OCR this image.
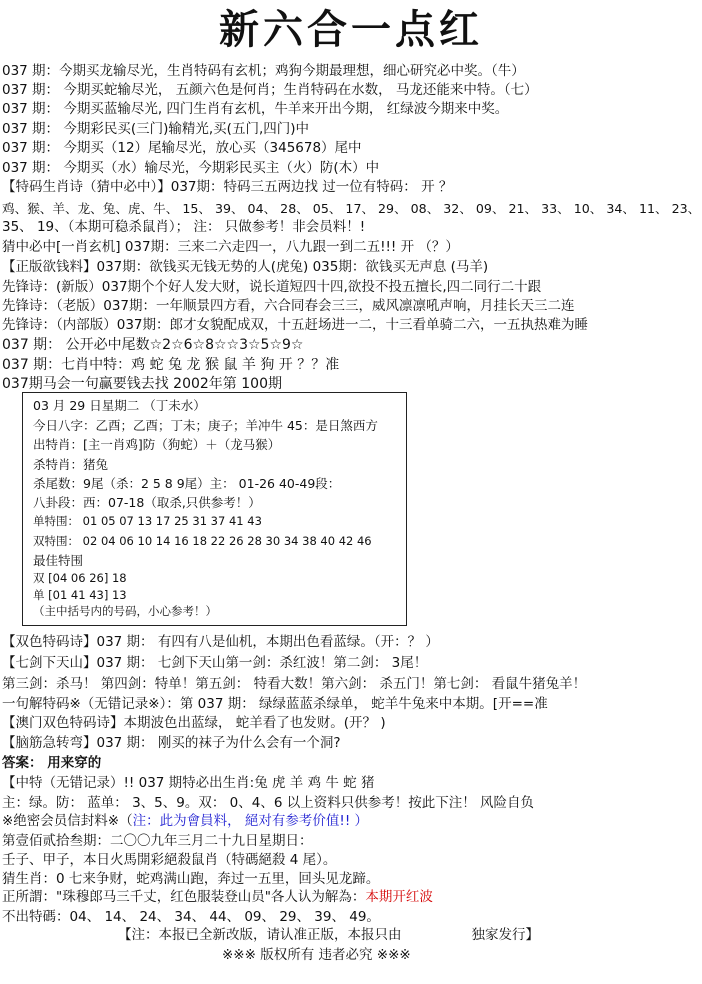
新六合一点红
037 期：今期买龙输尽光，生肖特码有玄机；鸡狗今期最理想，细心研究必中奖。（牛）
037 期： 今期买蛇输尽光， 五颜六色是何肖；生肖特码在水数， 马龙还能来中特。（七）
037 期： 今期买蓝输尽光, 四门生肖有玄机，牛羊来开出今期， 红绿波今期来中奖。
037 期： 今期彩民买(三门)输精光,买(五门,四门)中
037 期： 今期买（12）尾输尽光，放心买（345678）尾中
037 期： 今期买（水）输尽光，今期彩民买主（火）防(木）中
【特码生肖诗（猜中必中）】037期：特码三五两边找 过一位有特码： 开 ？
鸡、猴、羊、龙、兔、虎、牛、 15、 39、 04、 28、 05、 17、 29、 08、 32、 09、 21、 33、 10、 34、 11、 23、
35、 19、（本期可稳杀鼠肖）； 注： 只做参考！非会员料！!
猜中必中[一肖玄机] 037期：三来二六走四一，八九跟一到二五!!! 开 （？）
【正版欲钱料】037期：欲钱买无钱无势的人(虎兔) 035期：欲钱买无声息 (马羊)
先锋诗：(新版）037期个个好人发大财，说长道短四十四,欲投不投五擅长,四二同行二十跟
先锋诗：（老版）037期：一年顺景四方看，六合同春会三三，威风凛凛吼声响，月挂长天三二连
先锋诗：（内部版）037期：郎才女貌配成双，十五赶场进一二，十三看单骑二六，一五执热难为睡
037 期： 公开必中尾数☆2☆6☆8☆☆3☆5☆9☆
037 期：七肖中特：鸡 蛇 兔 龙 猴 鼠 羊 狗 开 ？？准
037期马会一句赢要钱去找 2002年第 100期
03 月 29 日星期二 （丁未水）
今日八字：乙酉；乙酉；丁未；庚子；羊冲牛 45：是日煞西方
出特肖：[主一肖鸡]防（狗蛇）＋（龙马猴）
杀特肖：猪兔
杀尾数：9尾（杀：2 5 8 9尾）主： 01-26 40-49段：
八卦段：西：07-18（取杀,只供参考！）
单特围： 01 05 07 13 17 25 31 37 41 43
双特围： 02 04 06 10 14 16 18 22 26 28 30 34 38 40 42 46
最佳特围
双 [04 06 26] 18
单 [01 41 43] 13
（主中括号内的号码，小心参考！）
【双色特码诗】037 期： 有四有八是仙机，本期出色看蓝绿。（开：？ ）
【七剑下天山】037 期： 七剑下天山第一剑：杀红波！第二剑： 3尾！
第三剑：杀马！ 第四剑：特单！第五剑： 特看大数！第六剑： 杀五门！第七剑： 看鼠牛猪兔羊！
一句解特码※（无错记录※）：第 037 期： 绿绿蓝蓝杀绿单， 蛇羊牛兔来中本期。[开==准
【澳门双色特码诗】本期波色出蓝绿， 蛇羊看了也发财。(开？ )
【脑筋急转弯】037 期： 刚买的袜子为什么会有一个洞?
答案： 用来穿的
【中特（无错记录）!! 037 期特必出生肖:兔 虎 羊 鸡 牛 蛇 猪
主：绿。防： 蓝单： 3、5、9。双： 0、4、6 以上资料只供参考！按此下注！ 风险自负
※绝密会员信封料※（注：此为會員料， 絕对有参考价值!! ）
第壹佰贰拾叁期：二〇〇九年三月二十九日星期日：
壬子、甲子，本日火馬開彩絕殺鼠肖（特碼絕殺 4 尾）。
猜生肖：0 七来争财，蛇鸡满山跑，奔过一五里，回头见龙蹄。
正所謂："珠穆郎马三千丈，红色服装登山员"各人认为解為：本期开红波
不出特碼：04、 14、 24、 34、 44、 09、 29、 39、 49。
【注：本报已全新改版，请认准正版，本报只由	独家发行】
※※※ 版权所有 违者必究 ※※※
